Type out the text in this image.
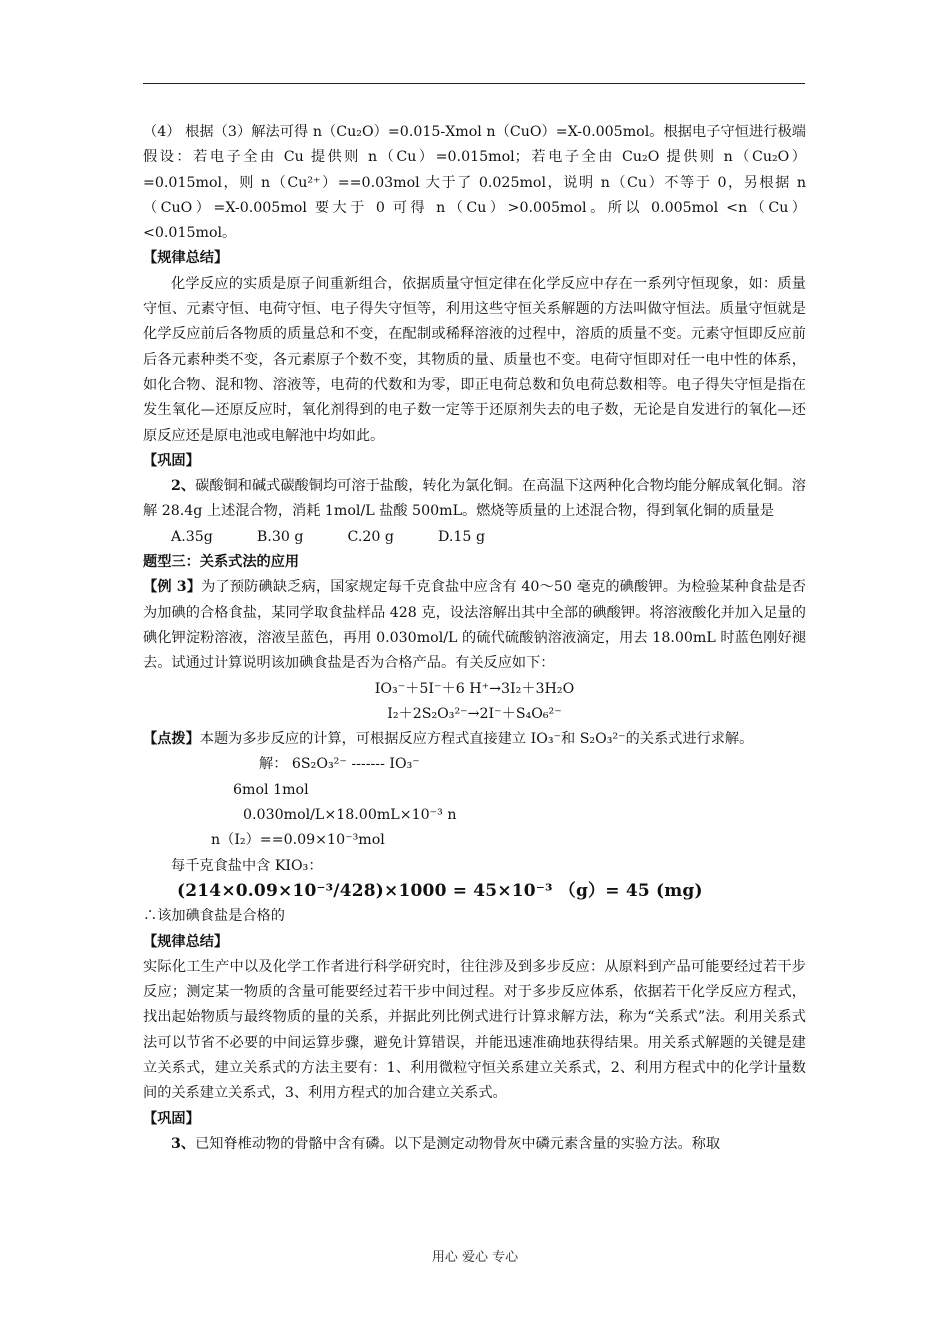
（4） 根据（3）解法可得 n（Cu₂O）=0.015-Xmol n（CuO）=X-0.005mol。根据电子守恒进行极端假设：若电子全由 Cu 提供则 n（Cu）=0.015mol；若电子全由 Cu₂O 提供则 n（Cu₂O）=0.015mol，则 n（Cu²⁺）==0.03mol 大于了 0.025mol，说明 n（Cu）不等于 0，另根据 n（CuO）=X-0.005mol 要大于 0 可得 n（Cu）>0.005mol。所以 0.005mol <n（Cu）<0.015mol。

【规律总结】

化学反应的实质是原子间重新组合，依据质量守恒定律在化学反应中存在一系列守恒现象，如：质量守恒、元素守恒、电荷守恒、电子得失守恒等，利用这些守恒关系解题的方法叫做守恒法。质量守恒就是化学反应前后各物质的质量总和不变，在配制或稀释溶液的过程中，溶质的质量不变。元素守恒即反应前后各元素种类不变，各元素原子个数不变，其物质的量、质量也不变。电荷守恒即对任一电中性的体系，如化合物、混和物、溶液等，电荷的代数和为零，即正电荷总数和负电荷总数相等。电子得失守恒是指在发生氧化—还原反应时，氧化剂得到的电子数一定等于还原剂失去的电子数，无论是自发进行的氧化—还原反应还是原电池或电解池中均如此。

【巩固】

2、碳酸铜和碱式碳酸铜均可溶于盐酸，转化为氯化铜。在高温下这两种化合物均能分解成氧化铜。溶解 28.4g 上述混合物，消耗 1mol/L 盐酸 500mL。燃烧等质量的上述混合物，得到氧化铜的质量是

A.35g	B.30 g	C.20 g	D.15 g

题型三：关系式法的应用

【例 3】为了预防碘缺乏病，国家规定每千克食盐中应含有 40～50 毫克的碘酸钾。为检验某种食盐是否为加碘的合格食盐，某同学取食盐样品 428 克，设法溶解出其中全部的碘酸钾。将溶液酸化并加入足量的碘化钾淀粉溶液，溶液呈蓝色，再用 0.030mol/L 的硫代硫酸钠溶液滴定，用去 18.00mL 时蓝色刚好褪去。试通过计算说明该加碘食盐是否为合格产品。有关反应如下：

IO₃⁻＋5I⁻＋6 H⁺→3I₂＋3H₂O

I₂＋2S₂O₃²⁻→2I⁻＋S₄O₆²⁻

【点拨】本题为多步反应的计算，可根据反应方程式直接建立 IO₃⁻和 S₂O₃²⁻的关系式进行求解。

解： 6S₂O₃²⁻ ------- IO₃⁻

6mol 1mol

0.030mol/L×18.00mL×10⁻³ n

n（I₂）==0.09×10⁻³mol

每千克食盐中含 KIO₃：

(214×0.09×10⁻³/428)×1000 = 45×10⁻³ （g）= 45 (mg)

∴该加碘食盐是合格的

【规律总结】

实际化工生产中以及化学工作者进行科学研究时，往往涉及到多步反应：从原料到产品可能要经过若干步反应；测定某一物质的含量可能要经过若干步中间过程。对于多步反应体系，依据若干化学反应方程式，找出起始物质与最终物质的量的关系，并据此列比例式进行计算求解方法，称为“关系式”法。利用关系式法可以节省不必要的中间运算步骤，避免计算错误，并能迅速准确地获得结果。用关系式解题的关键是建立关系式，建立关系式的方法主要有：1、利用微粒守恒关系建立关系式，2、利用方程式中的化学计量数间的关系建立关系式，3、利用方程式的加合建立关系式。

【巩固】

3、已知脊椎动物的骨骼中含有磷。以下是测定动物骨灰中磷元素含量的实验方法。称取

用心 爱心 专心
